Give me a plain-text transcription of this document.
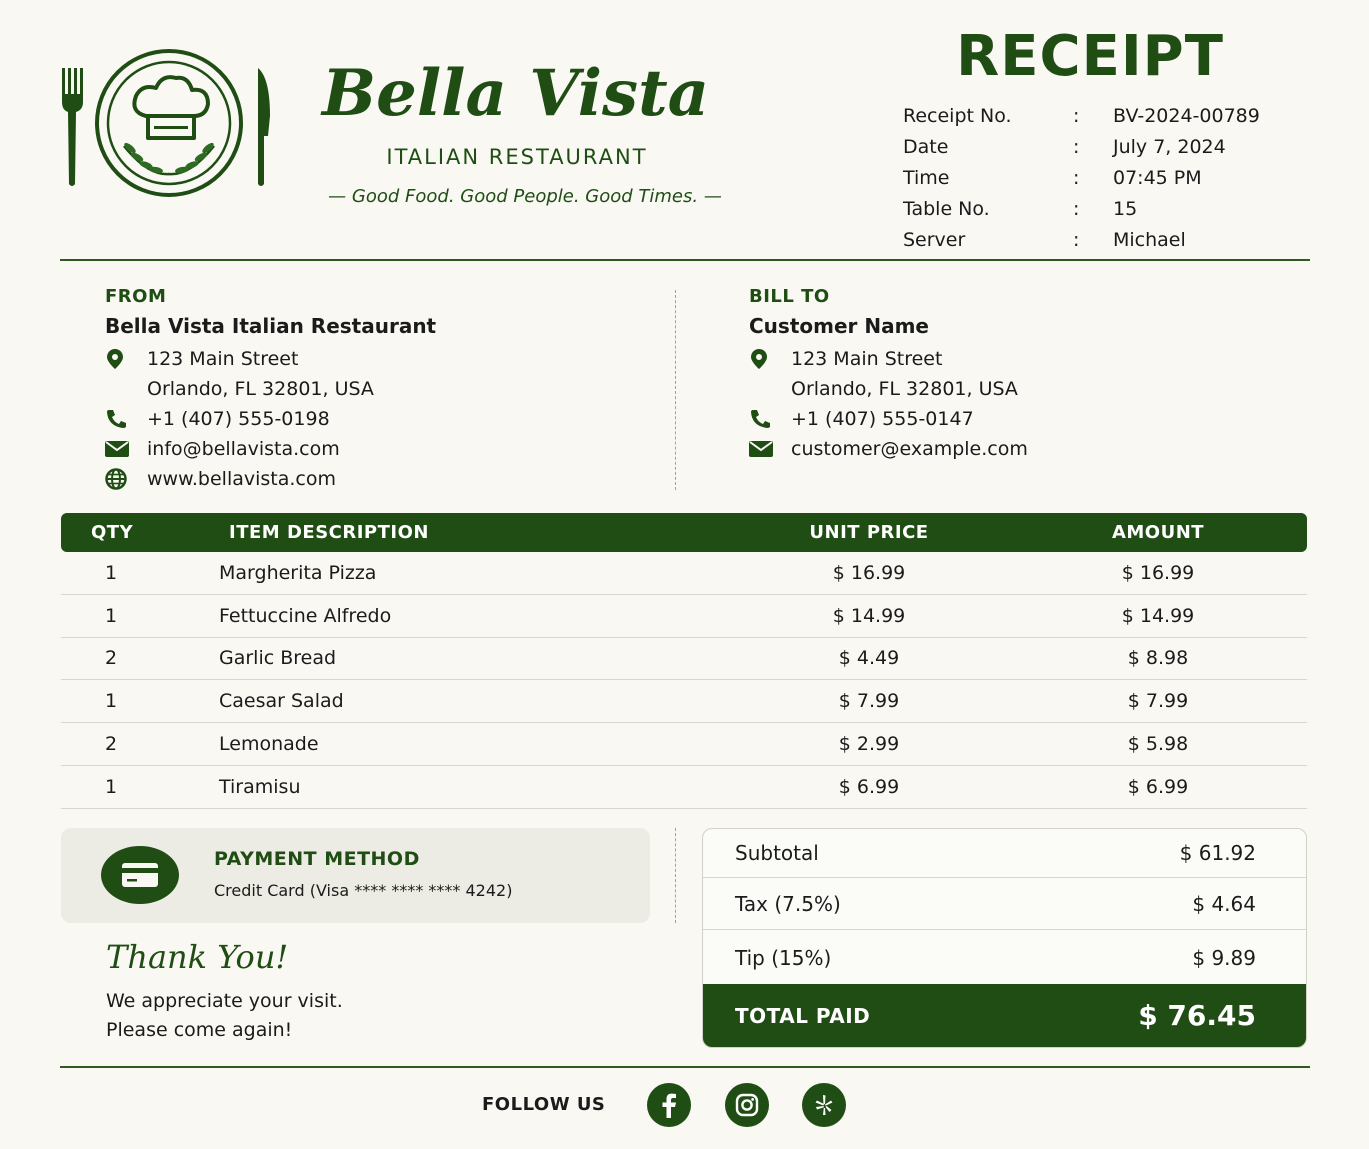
Bella Vista
ITALIAN RESTAURANT
— Good Food. Good People. Good Times. —
RECEIPT
Receipt No.	:	BV-2024-00789
Date	:	July 7, 2024
Time	:	07:45 PM
Table No.	:	15
Server	:	Michael
FROM
Bella Vista Italian Restaurant
123 Main Street
Orlando, FL 32801, USA
+1 (407) 555-0198
info@bellavista.com
www.bellavista.com
BILL TO
Customer Name
123 Main Street
Orlando, FL 32801, USA
+1 (407) 555-0147
customer@example.com
QTY	ITEM DESCRIPTION	UNIT PRICE	AMOUNT
1	Margherita Pizza	$ 16.99	$ 16.99
1	Fettuccine Alfredo	$ 14.99	$ 14.99
2	Garlic Bread	$ 4.49	$ 8.98
1	Caesar Salad	$ 7.99	$ 7.99
2	Lemonade	$ 2.99	$ 5.98
1	Tiramisu	$ 6.99	$ 6.99
PAYMENT METHOD
Credit Card (Visa **** **** **** 4242)
Thank You!
We appreciate your visit.
Please come again!
Subtotal	$ 61.92
Tax (7.5%)	$ 4.64
Tip (15%)	$ 9.89
TOTAL PAID	$ 76.45
FOLLOW US
